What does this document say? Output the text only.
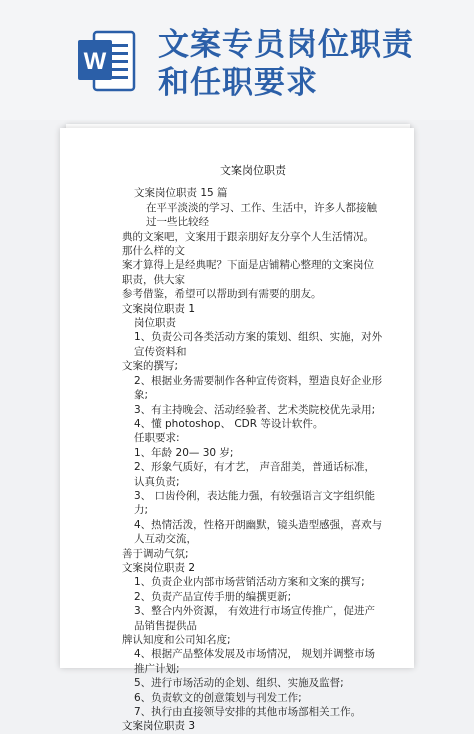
W 文案专员岗位职责
和任职要求
文案岗位职责
文案岗位职责 15 篇
在平平淡淡的学习、工作、生活中，许多人都接触过一些比较经
典的文案吧，文案用于跟亲朋好友分享个人生活情况。那什么样的文
案才算得上是经典呢？下面是店铺精心整理的文案岗位职责，供大家
参考借鉴，希望可以帮助到有需要的朋友。
文案岗位职责 1
岗位职责
1、负责公司各类活动方案的策划、组织、实施，对外宣传资料和
文案的撰写;
2、根据业务需要制作各种宣传资料，塑造良好企业形象;
3、有主持晚会、活动经验者、艺术类院校优先录用;
4、懂 photoshop、 CDR 等设计软件。
任职要求:
1、年龄 20— 30 岁;
2、形象气质好，有才艺， 声音甜美，普通话标准，认真负责;
3、 口齿伶俐，表达能力强，有较强语言文字组织能力;
4、热情活泼，性格开朗幽默，镜头造型感强，喜欢与人互动交流，
善于调动气氛;
文案岗位职责 2
1、负责企业内部市场营销活动方案和文案的撰写;
2、负责产品宣传手册的编撰更新;
3、整合内外资源， 有效进行市场宣传推广，促进产品销售提供品
牌认知度和公司知名度;
4、根据产品整体发展及市场情况， 规划并调整市场推广计划;
5、进行市场活动的企划、组织、实施及监督;
6、负责软文的创意策划与刊发工作;
7、执行由直接领导安排的其他市场部相关工作。
文案岗位职责 3
